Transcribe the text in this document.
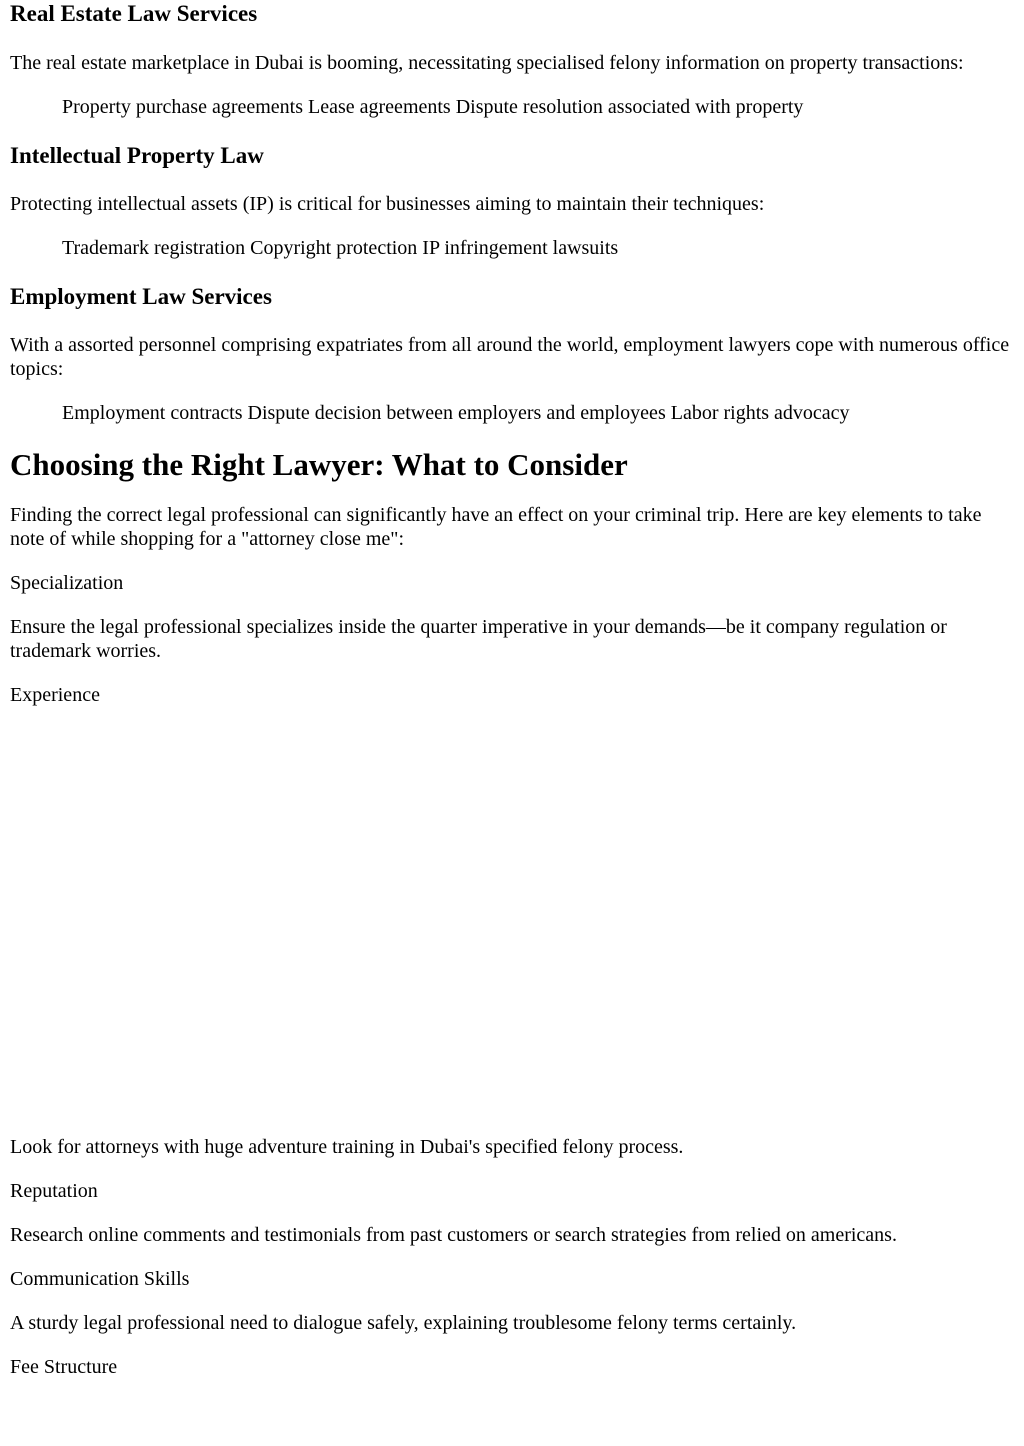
Real Estate Law Services

The real estate marketplace in Dubai is booming, necessitating specialised felony information on property transactions:

Property purchase agreements Lease agreements Dispute resolution associated with property
Intellectual Property Law

Protecting intellectual assets (IP) is critical for businesses aiming to maintain their techniques:

Trademark registration Copyright protection IP infringement lawsuits
Employment Law Services

With a assorted personnel comprising expatriates from all around the world, employment lawyers cope with numerous office topics:

Employment contracts Dispute decision between employers and employees Labor rights advocacy
Choosing the Right Lawyer: What to Consider

Finding the correct legal professional can significantly have an effect on your criminal trip. Here are key elements to take note of while shopping for a "attorney close me":

Specialization

Ensure the legal professional specializes inside the quarter imperative in your demands—be it company regulation or trademark worries.

Experience

Look for attorneys with huge adventure training in Dubai's specified felony process.

Reputation

Research online comments and testimonials from past customers or search strategies from relied on americans.

Communication Skills

A sturdy legal professional need to dialogue safely, explaining troublesome felony terms certainly.

Fee Structure
